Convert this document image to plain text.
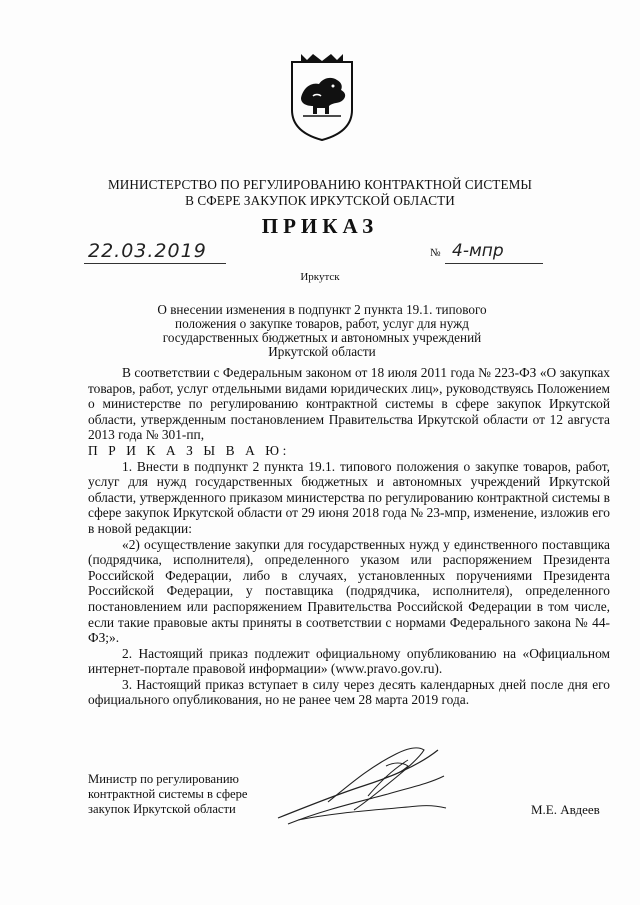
МИНИСТЕРСТВО ПО РЕГУЛИРОВАНИЮ КОНТРАКТНОЙ СИСТЕМЫ
В СФЕРЕ ЗАКУПОК ИРКУТСКОЙ ОБЛАСТИ
ПРИКАЗ
22.03.2019	№ 4-мпр
Иркутск
О внесении изменения в подпункт 2 пункта 19.1. типового положения о закупке товаров, работ, услуг для нужд государственных бюджетных и автономных учреждений Иркутской области

В соответствии с Федеральным законом от 18 июля 2011 года № 223-ФЗ «О закупках товаров, работ, услуг отдельными видами юридических лиц», руководствуясь Положением о министерстве по регулированию контрактной системы в сфере закупок Иркутской области, утвержденным постановлением Правительства Иркутской области от 12 августа 2013 года № 301-пп,

П Р И К А З Ы В А Ю:

1. Внести в подпункт 2 пункта 19.1. типового положения о закупке товаров, работ, услуг для нужд государственных бюджетных и автономных учреждений Иркутской области, утвержденного приказом министерства по регулированию контрактной системы в сфере закупок Иркутской области от 29 июня 2018 года № 23-мпр, изменение, изложив его в новой редакции:

«2) осуществление закупки для государственных нужд у единственного поставщика (подрядчика, исполнителя), определенного указом или распоряжением Президента Российской Федерации, либо в случаях, установленных поручениями Президента Российской Федерации, у поставщика (подрядчика, исполнителя), определенного постановлением или распоряжением Правительства Российской Федерации в том числе, если такие правовые акты приняты в соответствии с нормами Федерального закона № 44-ФЗ;».

2. Настоящий приказ подлежит официальному опубликованию на «Официальном интернет-портале правовой информации» (www.pravo.gov.ru).

3. Настоящий приказ вступает в силу через десять календарных дней после дня его официального опубликования, но не ранее чем 28 марта 2019 года.

Министр по регулированию
контрактной системы в сфере
закупок Иркутской области	М.Е. Авдеев
